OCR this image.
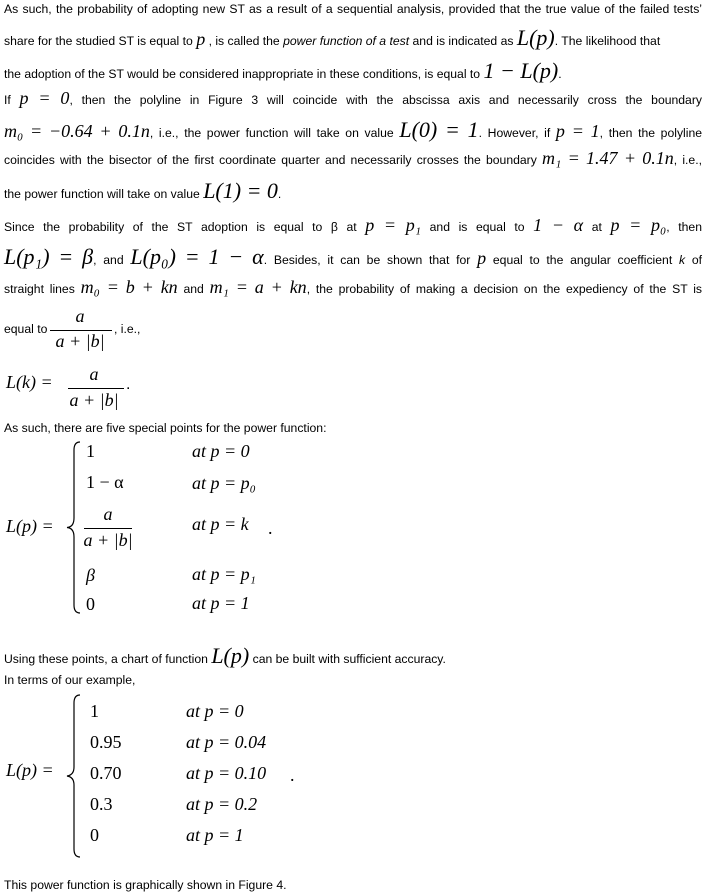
As such, the probability of adopting new ST as a result of a sequential analysis, provided that the true value of the failed tests’
share for the studied ST is equal to p , is called the power function of a test and is indicated as L(p). The likelihood that
the adoption of the ST would be considered inappropriate in these conditions, is equal to 1 − L(p).
If p = 0, then the polyline in Figure 3 will coincide with the abscissa axis and necessarily cross the boundary
m₀ = −0.64 + 0.1n, i.e., the power function will take on value L(0) = 1. However, if p = 1, then the polyline
coincides with the bisector of the first coordinate quarter and necessarily crosses the boundary m₁ = 1.47 + 0.1n, i.e.,
the power function will take on value L(1) = 0.
Since the probability of the ST adoption is equal to β at p = p₁ and is equal to 1 − α at p = p₀, then
L(p₁) = β, and L(p₀) = 1 − α. Besides, it can be shown that for p equal to the angular coefficient k of
straight lines m₀ = b + kn and m₁ = a + kn, the probability of making a decision on the expediency of the ST is
equal to
a
a + |b|
, i.e.,
L(k) =	a
a + |b|
.
As such, there are five special points for the power function:
L(p) =
1
1 − α
a
a + |b|
β
0
at p = 0
at p = p₀
at p = k .
at p = p₁
at p = 1
Using these points, a chart of function L(p) can be built with sufficient accuracy.
In terms of our example,
L(p) =
1
0.95
0.70
0.3
0
at p = 0
at p = 0.04
at p = 0.10 .
at p = 0.2
at p = 1
This power function is graphically shown in Figure 4.
